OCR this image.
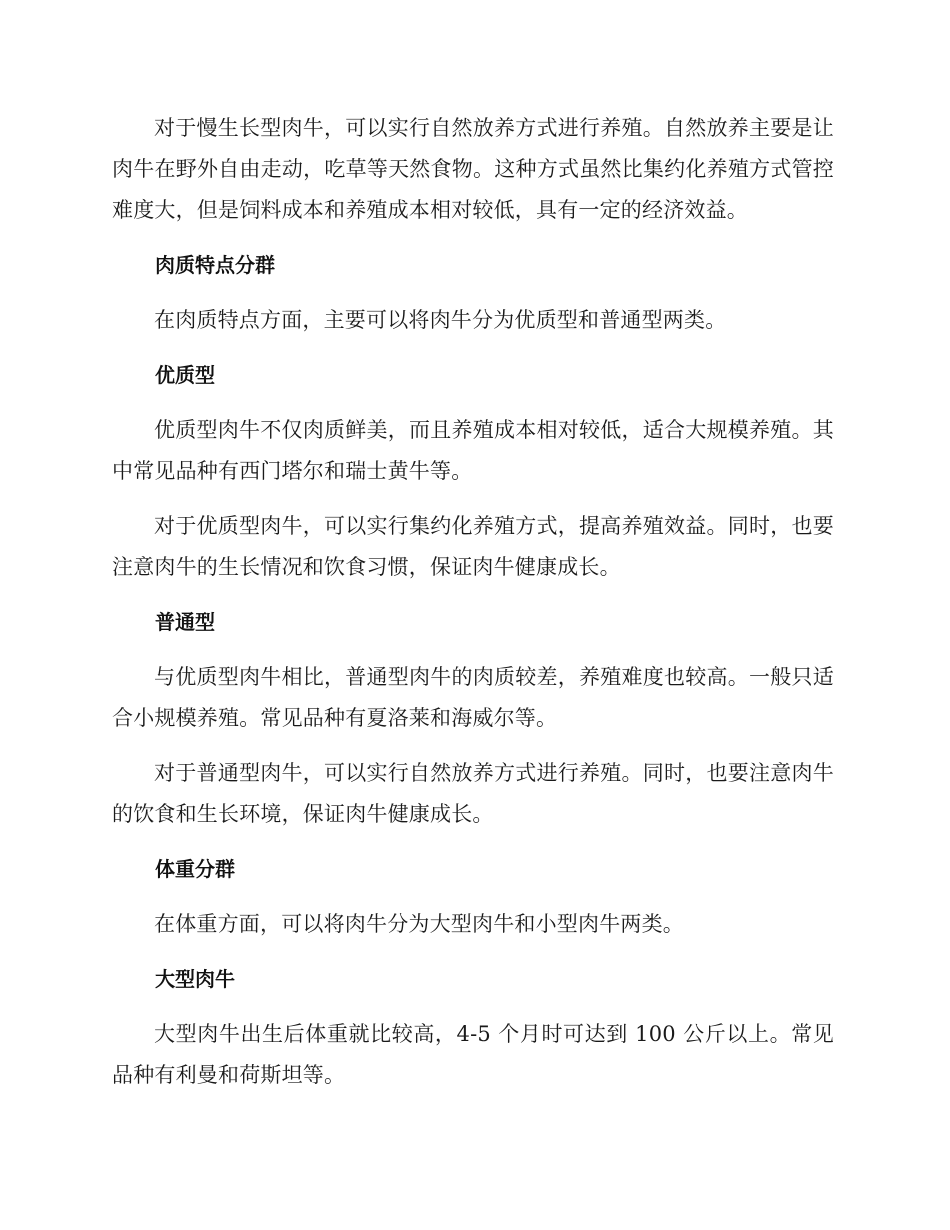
对于慢生长型肉牛，可以实行自然放养方式进行养殖。自然放养主要是让肉牛在野外自由走动，吃草等天然食物。这种方式虽然比集约化养殖方式管控难度大，但是饲料成本和养殖成本相对较低，具有一定的经济效益。

肉质特点分群

在肉质特点方面，主要可以将肉牛分为优质型和普通型两类。

优质型

优质型肉牛不仅肉质鲜美，而且养殖成本相对较低，适合大规模养殖。其中常见品种有西门塔尔和瑞士黄牛等。

对于优质型肉牛，可以实行集约化养殖方式，提高养殖效益。同时，也要注意肉牛的生长情况和饮食习惯，保证肉牛健康成长。

普通型

与优质型肉牛相比，普通型肉牛的肉质较差，养殖难度也较高。一般只适合小规模养殖。常见品种有夏洛莱和海威尔等。

对于普通型肉牛，可以实行自然放养方式进行养殖。同时，也要注意肉牛的饮食和生长环境，保证肉牛健康成长。

体重分群

在体重方面，可以将肉牛分为大型肉牛和小型肉牛两类。

大型肉牛

大型肉牛出生后体重就比较高，4-5 个月时可达到 100 公斤以上。常见品种有利曼和荷斯坦等。
